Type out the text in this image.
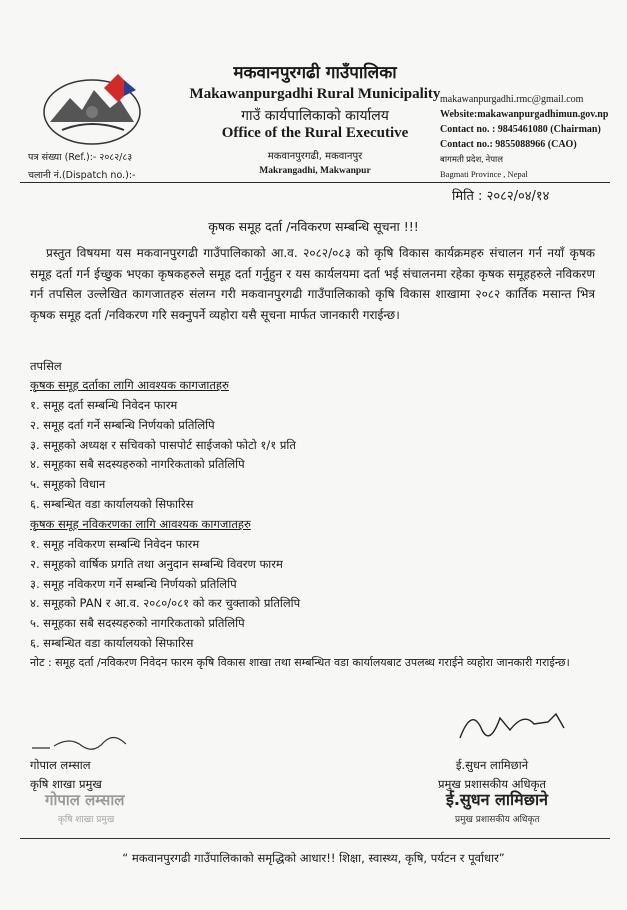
मकवानपुरगढी गाउँपालिका
Makawanpurgadhi Rural Municipality
गाउँ कार्यपालिकाको कार्यालय
Office of the Rural Executive
मकवानपुरगढी, मकवानपुर
Makrangadhi, Makwanpur
makawanpurgadhi.rmc@gmail.com
Website:makawanpurgadhimun.gov.np
Contact no. : 9845461080 (Chairman)
Contact no.: 9855088966 (CAO)
बागमती प्रदेश, नेपाल
Bagmati Province , Nepal
पत्र संख्या (Ref.):- २०८२/८३
चलानी नं.(Dispatch no.):-
मिति : २०८२/०४/१४
कृषक समूह दर्ता /नविकरण सम्बन्धि सूचना !!!
प्रस्तुत विषयमा यस मकवानपुरगढी गाउँपालिकाको आ.व. २०८२/०८३ को कृषि विकास कार्यक्रमहरु संचालन गर्न नयाँ कृषक समूह दर्ता गर्न ईच्छुक भएका कृषकहरुले समूह दर्ता गर्नुहुन र यस कार्यलयमा दर्ता भई संचालनमा रहेका कृषक समूहहरुले नविकरण गर्न तपसिल उल्लेखित कागजातहरु संलग्न गरी मकवानपुरगढी गाउँपालिकाको कृषि विकास शाखामा २०८२ कार्तिक मसान्त भित्र कृषक समूह दर्ता /नविकरण गरि सक्नुपर्ने व्यहोरा यसै सूचना मार्फत जानकारी गराईन्छ।
तपसिल
कृषक समूह दर्ताका लागि आवश्यक कागजातहरु
१. समूह दर्ता सम्बन्धि निवेदन फारम
२. समूह दर्ता गर्ने सम्बन्धि निर्णयको प्रतिलिपि
३. समूहको अध्यक्ष र सचिवको पासपोर्ट साईजको फोटो १/१ प्रति
४. समूहका सबै सदस्यहरुको नागरिकताको प्रतिलिपि
५. समूहको विधान
६. सम्बन्धित वडा कार्यालयको सिफारिस
कृषक समूह नविकरणका लागि आवश्यक कागजातहरु
१. समूह नविकरण सम्बन्धि निवेदन फारम
२. समूहको वार्षिक प्रगति तथा अनुदान सम्बन्धि विवरण फारम
३. समूह नविकरण गर्ने सम्बन्धि निर्णयको प्रतिलिपि
४. समूहको PAN र आ.व. २०८०/०८१ को कर चुक्ताको प्रतिलिपि
५. समूहका सबै सदस्यहरुको नागरिकताको प्रतिलिपि
६. सम्बन्धित वडा कार्यालयको सिफारिस
नोट : समूह दर्ता /नविकरण निवेदन फारम कृषि विकास शाखा तथा सम्बन्धित वडा कार्यालयबाट उपलब्ध गराईने व्यहोरा जानकारी गराईन्छ।
गोपाल लम्साल
कृषि शाखा प्रमुख
गोपाल लम्साल
कृषि शाखा प्रमुख
ई.सुधन लामिछाने
प्रमुख प्रशासकीय अधिकृत
ई.सुधन लामिछाने
प्रमुख प्रशासकीय अधिकृत
“ मकवानपुरगढी गाउँपालिकाको समृद्धिको आधार!! शिक्षा, स्वास्थ्य, कृषि, पर्यटन र पूर्वाधार”
